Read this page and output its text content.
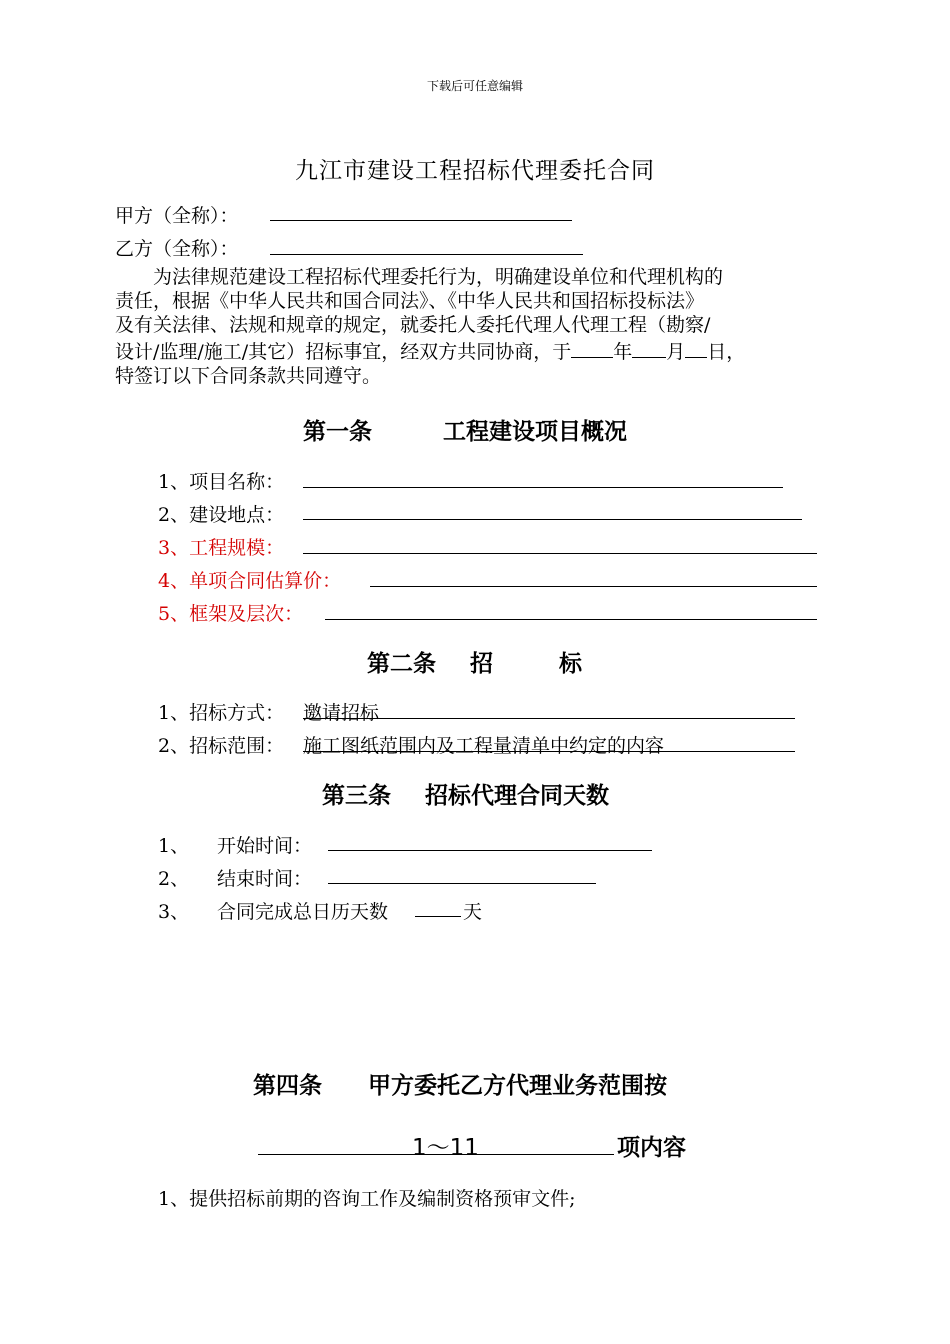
下载后可任意编辑
九江市建设工程招标代理委托合同
甲方（全称）：
乙方（全称）：
为法律规范建设工程招标代理委托行为，明确建设单位和代理机构的
责任，根据《中华人民共和国合同法》、《中华人民共和国招标投标法》
及有关法律、法规和规章的规定，就委托人委托代理人代理工程（勘察/
设计/监理/施工/其它）招标事宜，经双方共同协商，于 年 月 日，
特签订以下合同条款共同遵守。
第一条	工程建设项目概况
1、项目名称：
2、建设地点：
3、工程规模：
4、单项合同估算价：
5、框架及层次：
第二条 招	标
1、招标方式： 邀请招标
2、招标范围： 施工图纸范围内及工程量清单中约定的内容
第三条 招标代理合同天数
1、 开始时间：
2、 结束时间：
3、 合同完成总日历天数	天
第四条 甲方委托乙方代理业务范围按
1～11	项内容
1、提供招标前期的咨询工作及编制资格预审文件;
